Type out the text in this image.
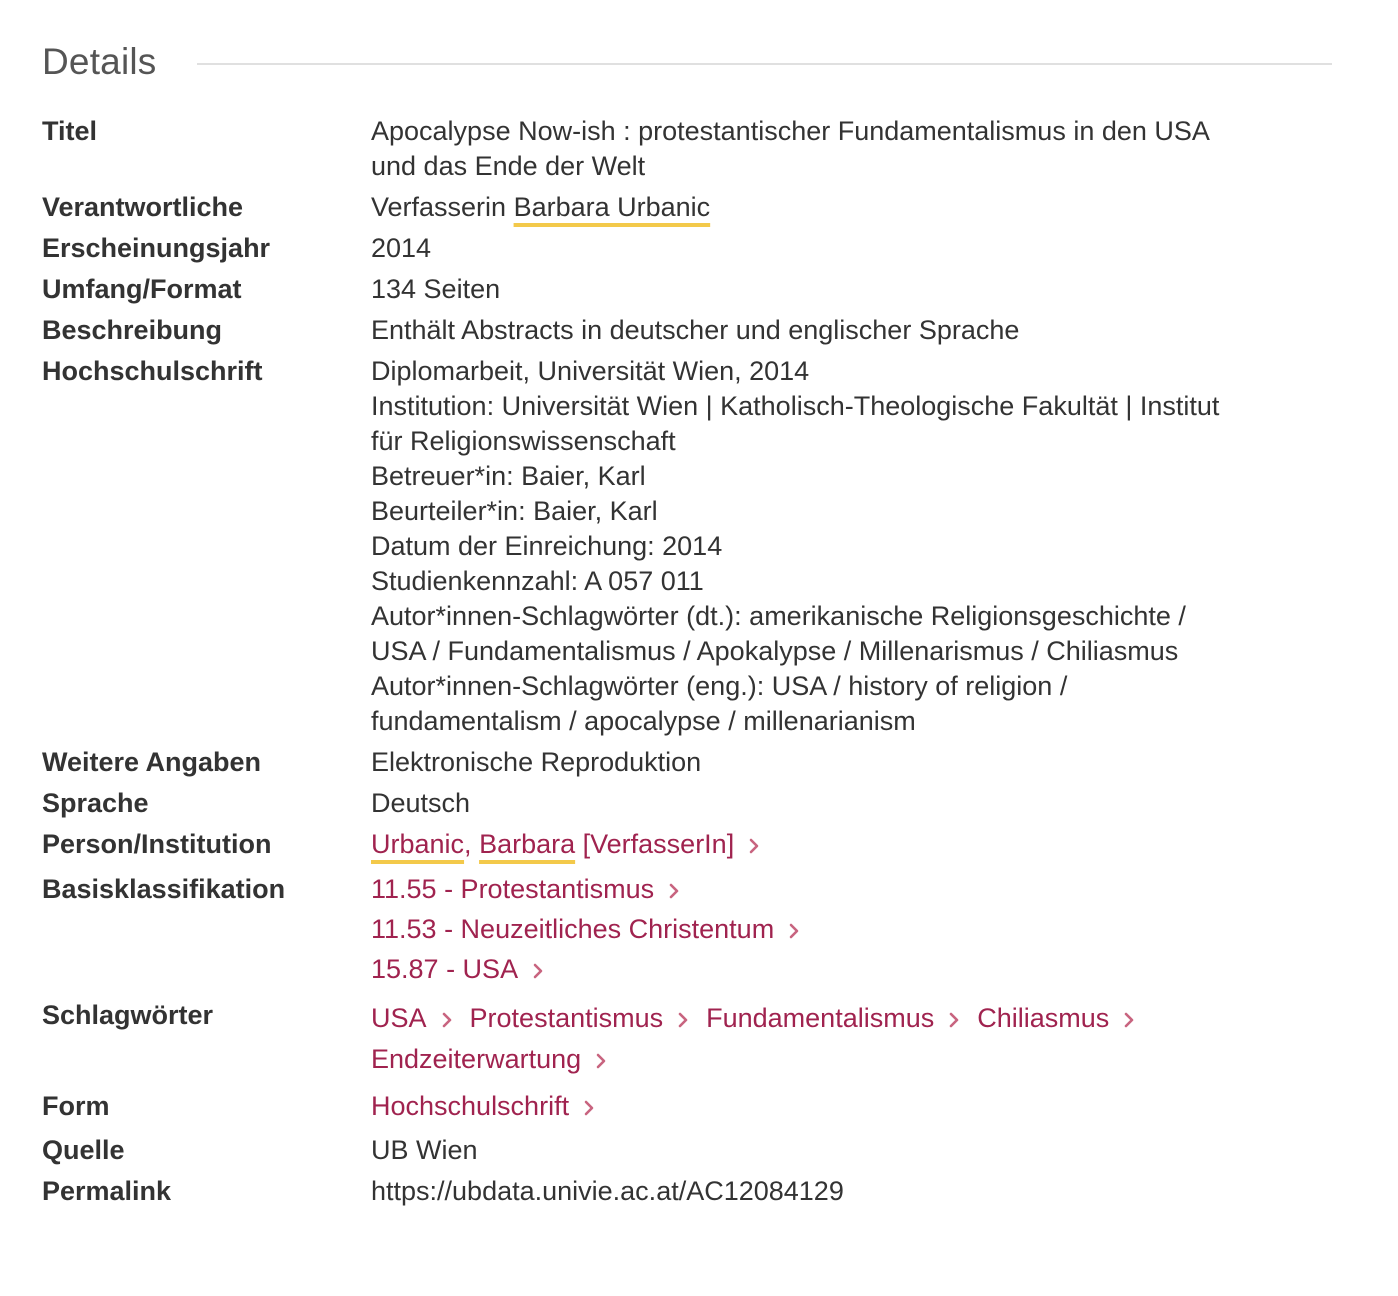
Details
Titel	Apocalypse Now-ish : protestantischer Fundamentalismus in den USA
und das Ende der Welt
Verantwortliche	Verfasserin Barbara Urbanic
Erscheinungsjahr	2014
Umfang/Format	134 Seiten
Beschreibung	Enthält Abstracts in deutscher und englischer Sprache
Hochschulschrift	Diplomarbeit, Universität Wien, 2014
Institution: Universität Wien | Katholisch-Theologische Fakultät | Institut
für Religionswissenschaft
Betreuer*in: Baier, Karl
Beurteiler*in: Baier, Karl
Datum der Einreichung: 2014
Studienkennzahl: A 057 011
Autor*innen-Schlagwörter (dt.): amerikanische Religionsgeschichte /
USA / Fundamentalismus / Apokalypse / Millenarismus / Chiliasmus
Autor*innen-Schlagwörter (eng.): USA / history of religion /
fundamentalism / apocalypse / millenarianism
Weitere Angaben	Elektronische Reproduktion
Sprache	Deutsch
Person/Institution	Urbanic, Barbara [VerfasserIn]
Basisklassifikation	11.55 - Protestantismus
11.53 - Neuzeitliches Christentum
15.87 - USA
Schlagwörter	USA Protestantismus Fundamentalismus Chiliasmus
Endzeiterwartung
Form	Hochschulschrift
Quelle	UB Wien
Permalink	https://ubdata.univie.ac.at/AC12084129
